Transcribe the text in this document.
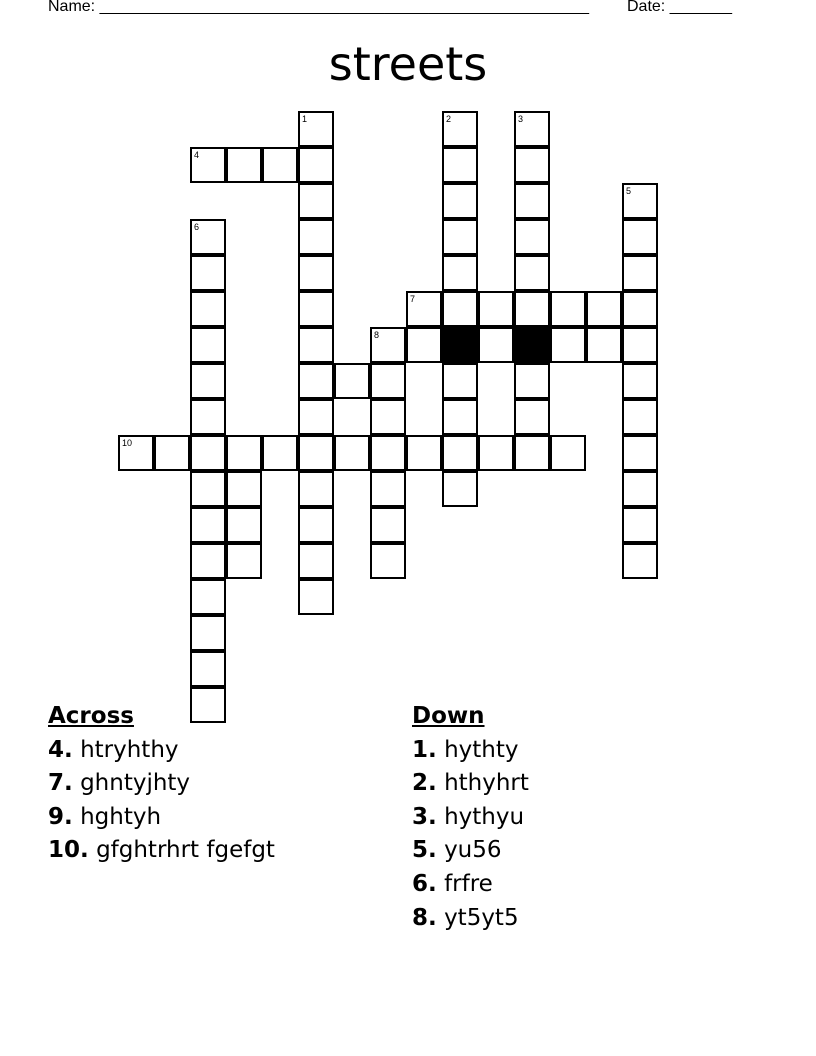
Name: _______________________________________________________ Date: _______
streets
1
4
2	3
5
6
7
8
10
Across
4. htryhthy
7. ghntyjhty
9. hghtyh
10. gfghtrhrt fgefgt
Down
1. hythty
2. hthyhrt
3. hythyu
5. yu56
6. frfre
8. yt5yt5
